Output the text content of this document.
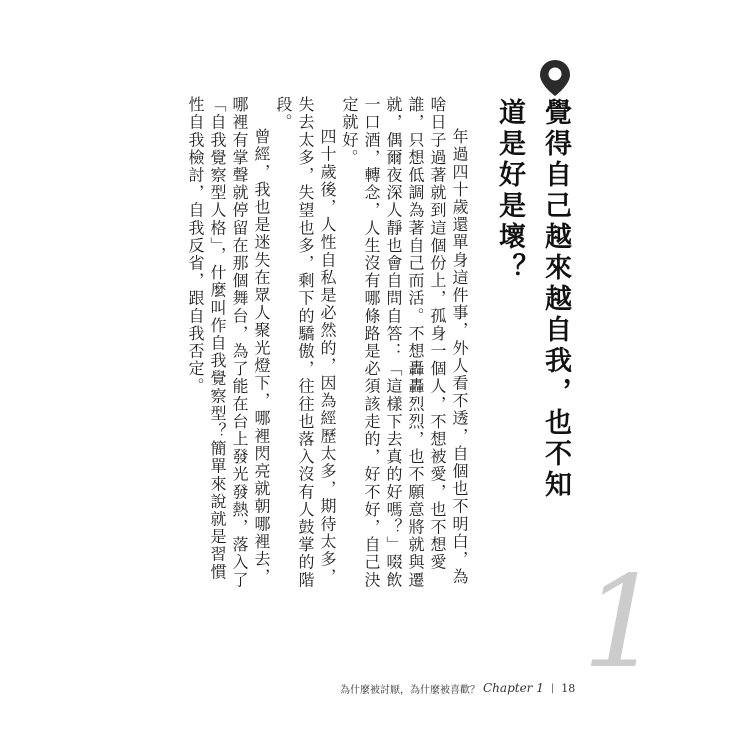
覺得自己越來越自我，也不知道是好是壞？

年過四十歲還單身這件事，外人看不透，自個也不明白，為啥日子過著就到這個份上，孤身一個人，不想被愛，也不想愛誰，只想低調為著自己而活。不想轟轟烈烈，也不願意將就與遷就，偶爾夜深人靜也會自問自答：「這樣下去真的好嗎？」啜飲一口酒，轉念，人生沒有哪條路是必須該走的，好不好，自己決定就好。

四十歲後，人性自私是必然的，因為經歷太多，期待太多，失去太多，失望也多，剩下的驕傲，往往也落入沒有人鼓掌的階段。

曾經，我也是迷失在眾人聚光燈下，哪裡閃亮就朝哪裡去，哪裡有掌聲就停留在那個舞台，為了能在台上發光發熱，落入了「自我覺察型人格」，什麼叫作自我覺察型？簡單來說就是習慣性自我檢討，自我反省，跟自我否定。

1
為什麼被討厭，為什麼被喜歡？ Chapter 1 | 18
